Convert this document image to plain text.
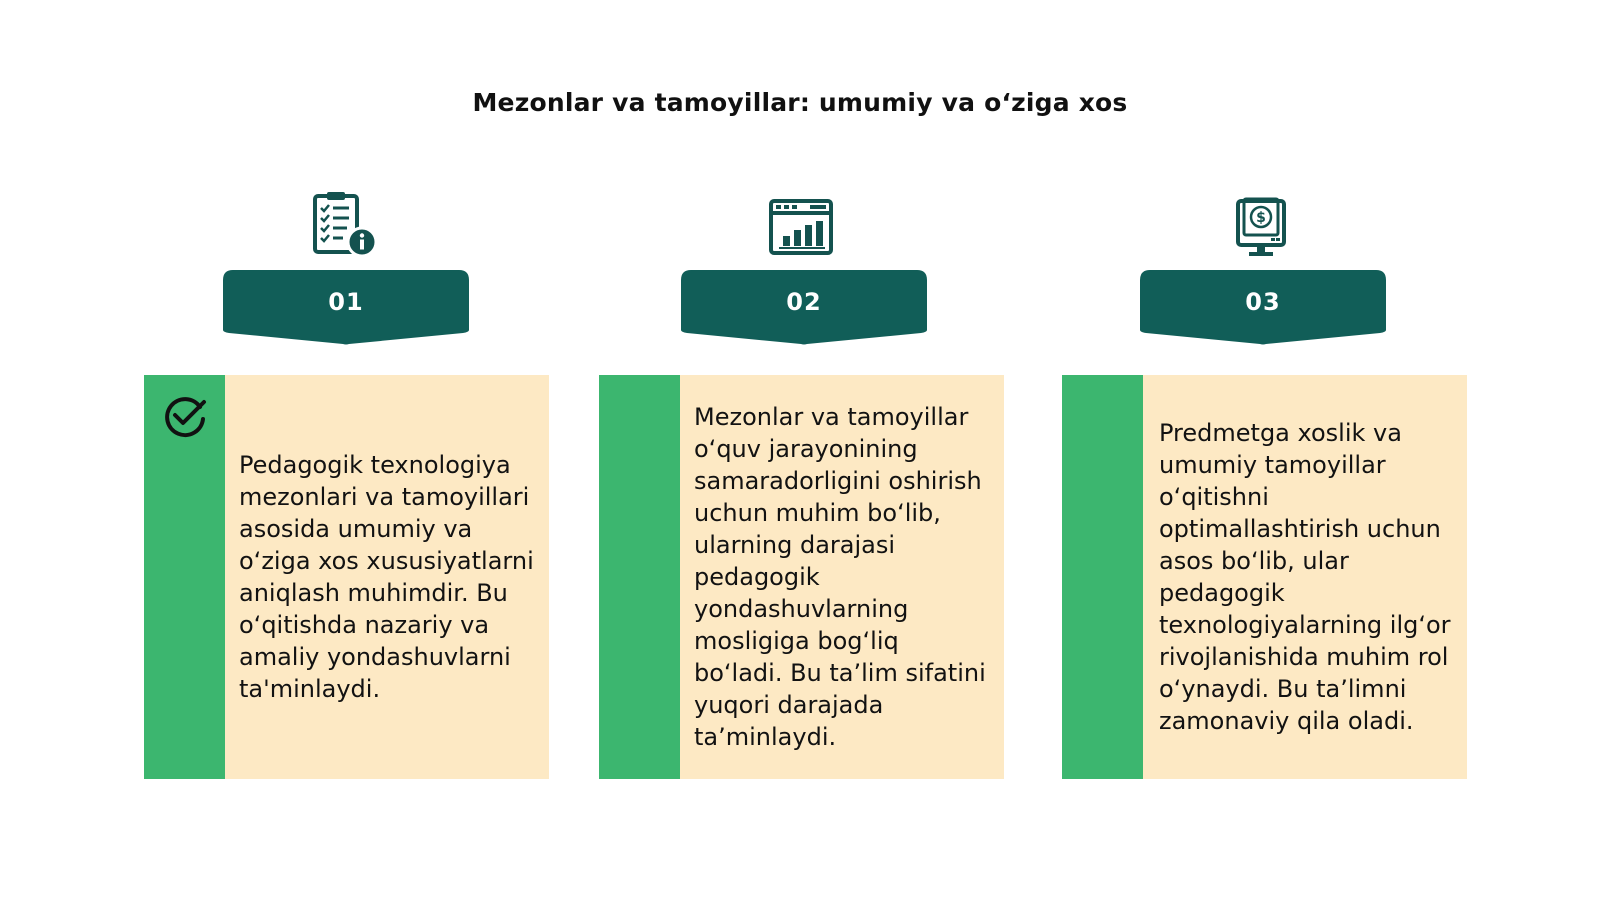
Mezonlar va tamoyillar: umumiy va o‘ziga xos
$
01	02	03
Pedagogik texnologiya mezonlari va tamoyillari asosida umumiy va o‘ziga xos xususiyatlarni aniqlash muhimdir. Bu o‘qitishda nazariy va amaliy yondashuvlarni ta'minlaydi.
Mezonlar va tamoyillar o‘quv jarayonining samaradorligini oshirish uchun muhim bo‘lib, ularning darajasi pedagogik yondashuvlarning mosligiga bog‘liq bo‘ladi. Bu ta’lim sifatini yuqori darajada ta’minlaydi.
Predmetga xoslik va umumiy tamoyillar o‘qitishni optimallashtirish uchun asos bo‘lib, ular pedagogik texnologiyalarning ilg‘or rivojlanishida muhim rol o‘ynaydi. Bu ta’limni zamonaviy qila oladi.
